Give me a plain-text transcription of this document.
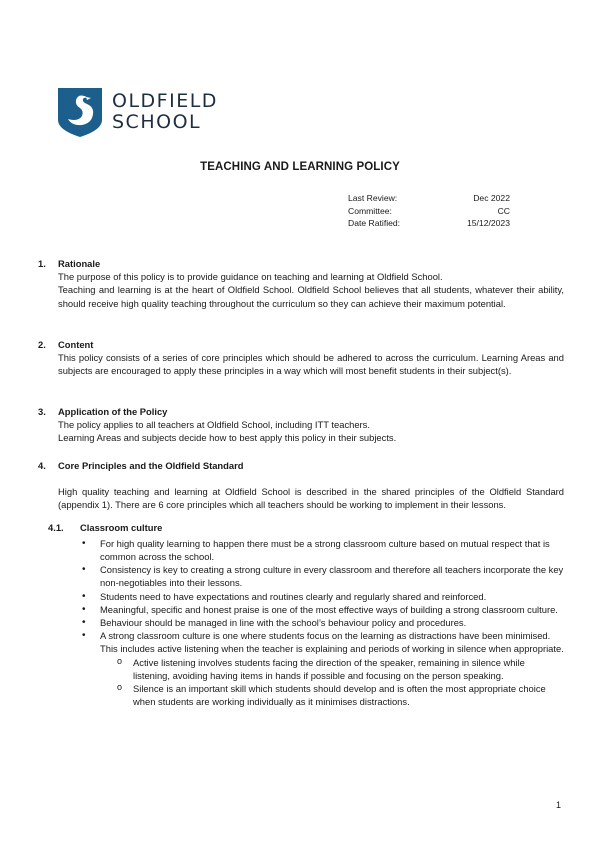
OLDFIELD
SCHOOL
TEACHING AND LEARNING POLICY
Last Review:	Dec 2022
Committee:	CC
Date Ratified:	15/12/2023
1.	Rationale

The purpose of this policy is to provide guidance on teaching and learning at Oldfield School.

Teaching and learning is at the heart of Oldfield School. Oldfield School believes that all students, whatever their ability, should receive high quality teaching throughout the curriculum so they can achieve their maximum potential.

2.	Content

This policy consists of a series of core principles which should be adhered to across the curriculum. Learning Areas and subjects are encouraged to apply these principles in a way which will most benefit students in their subject(s).

3.	Application of the Policy

The policy applies to all teachers at Oldfield School, including ITT teachers.

Learning Areas and subjects decide how to best apply this policy in their subjects.

4.	Core Principles and the Oldfield Standard

High quality teaching and learning at Oldfield School is described in the shared principles of the Oldfield Standard (appendix 1). There are 6 core principles which all teachers should be working to implement in their lessons.

4.1.	Classroom culture
• For high quality learning to happen there must be a strong classroom culture based on mutual respect that is common across the school.
• Consistency is key to creating a strong culture in every classroom and therefore all teachers incorporate the key non-negotiables into their lessons.
• Students need to have expectations and routines clearly and regularly shared and reinforced.
• Meaningful, specific and honest praise is one of the most effective ways of building a strong classroom culture.
• Behaviour should be managed in line with the school’s behaviour policy and procedures.
• A strong classroom culture is one where students focus on the learning as distractions have been minimised. This includes active listening when the teacher is explaining and periods of working in silence when appropriate.
o Active listening involves students facing the direction of the speaker, remaining in silence while listening, avoiding having items in hands if possible and focusing on the person speaking.
o Silence is an important skill which students should develop and is often the most appropriate choice when students are working individually as it minimises distractions.
1
